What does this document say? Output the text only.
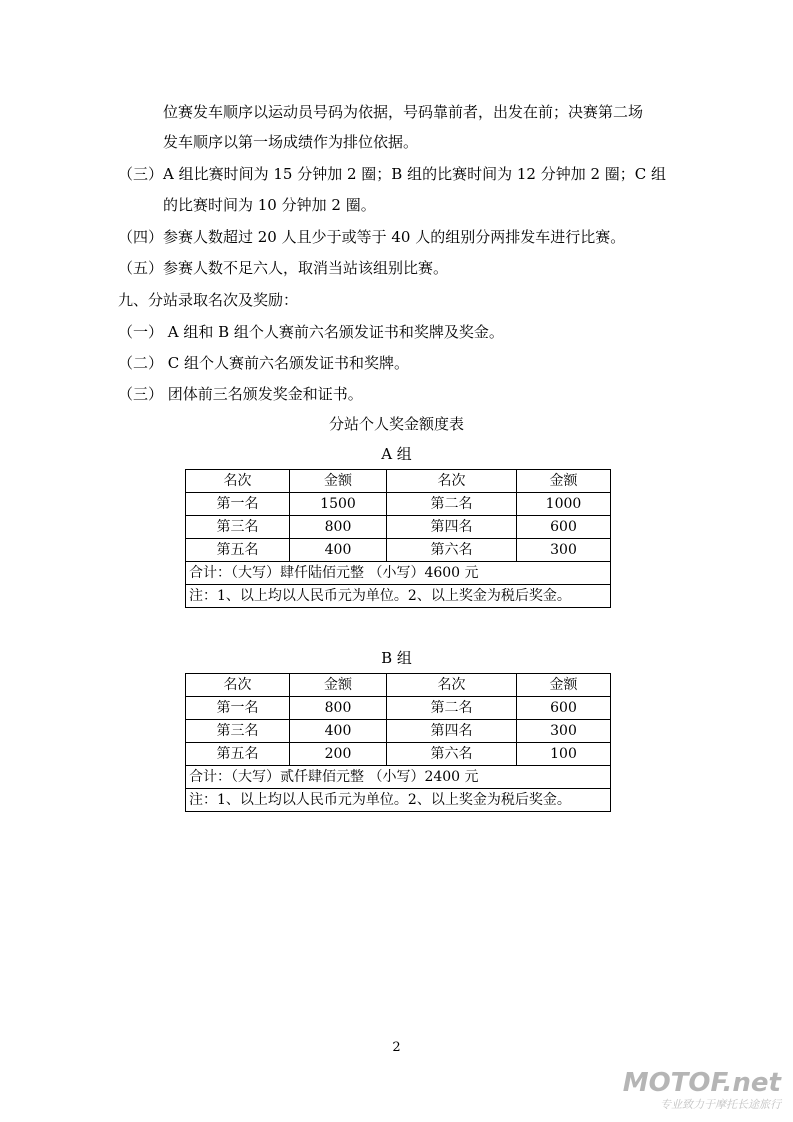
位赛发车顺序以运动员号码为依据，号码靠前者，出发在前；决赛第二场
发车顺序以第一场成绩作为排位依据。
（三）A 组比赛时间为 15 分钟加 2 圈；B 组的比赛时间为 12 分钟加 2 圈；C 组
的比赛时间为 10 分钟加 2 圈。
（四）参赛人数超过 20 人且少于或等于 40 人的组别分两排发车进行比赛。
（五）参赛人数不足六人，取消当站该组别比赛。
九、分站录取名次及奖励：
（一） A 组和 B 组个人赛前六名颁发证书和奖牌及奖金。
（二） C 组个人赛前六名颁发证书和奖牌。
（三） 团体前三名颁发奖金和证书。
分站个人奖金额度表
A 组
名次	金额	名次	金额
第一名	1500	第二名	1000
第三名	800	第四名	600
第五名	400	第六名	300
合计：（大写）肆仟陆佰元整 （小写）4600 元			
注：1、以上均以人民币元为单位。2、以上奖金为税后奖金。			
B 组
名次	金额	名次	金额
第一名	800	第二名	600
第三名	400	第四名	300
第五名	200	第六名	100
合计：（大写）贰仟肆佰元整 （小写）2400 元			
注：1、以上均以人民币元为单位。2、以上奖金为税后奖金。			
2
MOTOF.net
专业致力于摩托长途旅行
